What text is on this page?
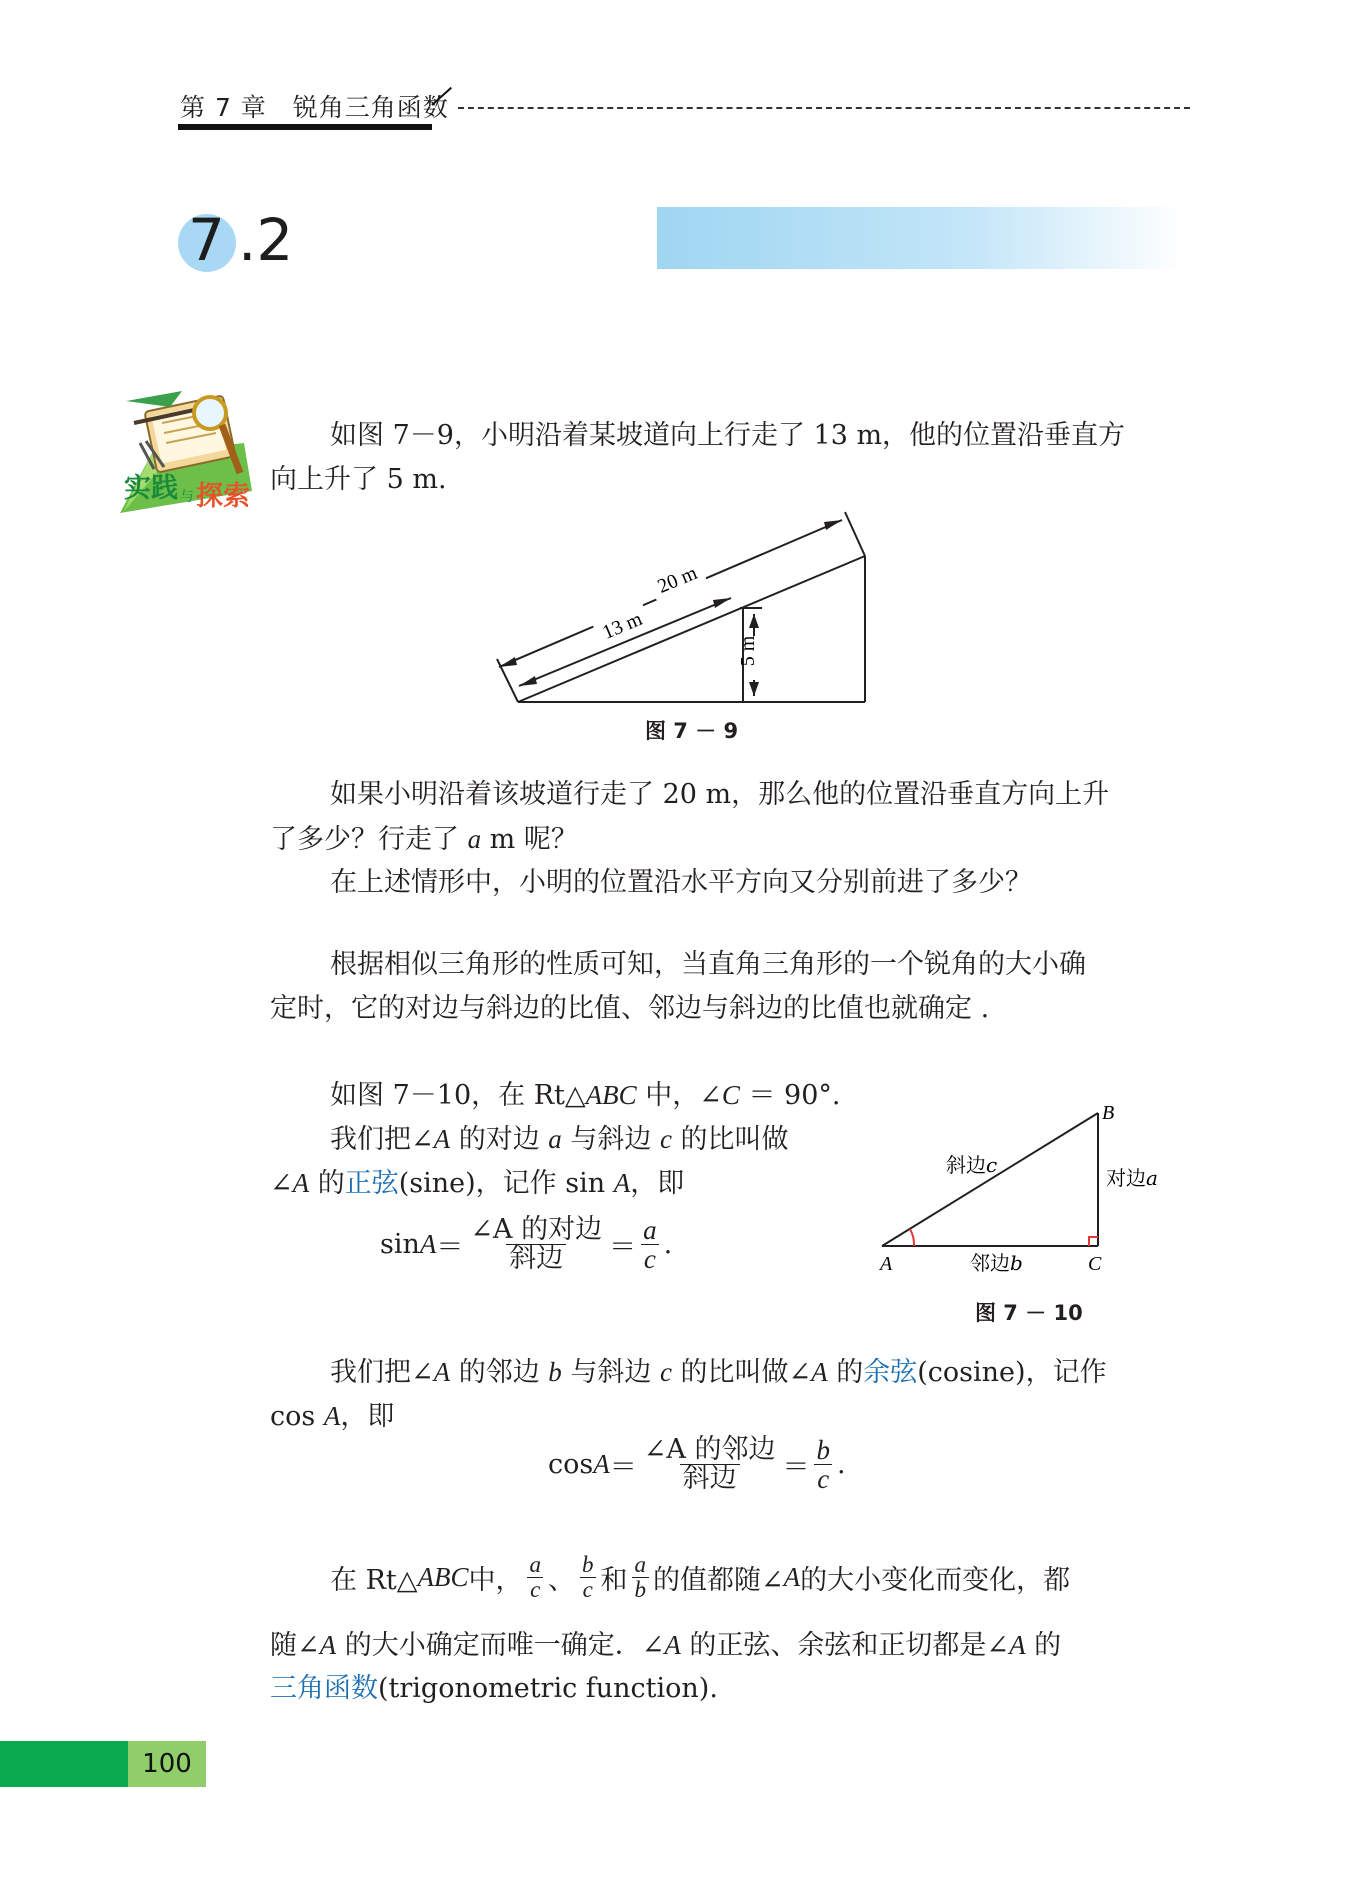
第 7 章　锐角三角函数
7 .2
实践 与 探索
如图 7－9，小明沿着某坡道向上行走了 13 m，他的位置沿垂直方
向上升了 5 m.
20 m
13 m
5 m
图 7 － 9
如果小明沿着该坡道行走了 20 m，那么他的位置沿垂直方向上升
了多少？行走了 a m 呢？
在上述情形中，小明的位置沿水平方向又分别前进了多少？
根据相似三角形的性质可知，当直角三角形的一个锐角的大小确
定时，它的对边与斜边的比值、邻边与斜边的比值也就确定 .
如图 7－10，在 Rt△ABC 中，∠C ＝ 90°.
我们把∠A 的对边 a 与斜边 c 的比叫做
∠A 的正弦(sine)，记作 sin A，即
$\sin A = \frac{\text{∠A 的对边}}{\text{斜边}} = \frac{a}{c}$ .
B
A	C
斜边c
对边a
邻边b
图 7 － 10
我们把∠A 的邻边 b 与斜边 c 的比叫做∠A 的余弦(cosine)，记作
cos A，即
$\cos A = \frac{\text{∠A 的邻边}}{\text{斜边}} = \frac{b}{c}$ .
在 Rt△ ABC 中， $\frac{a}{c}$ 、 $\frac{b}{c}$ 和 $\frac{a}{b}$ 的值都随∠ A 的大小变化而变化，都
随∠A 的大小确定而唯一确定．∠A 的正弦、余弦和正切都是∠A 的
三角函数(trigonometric function).
100
